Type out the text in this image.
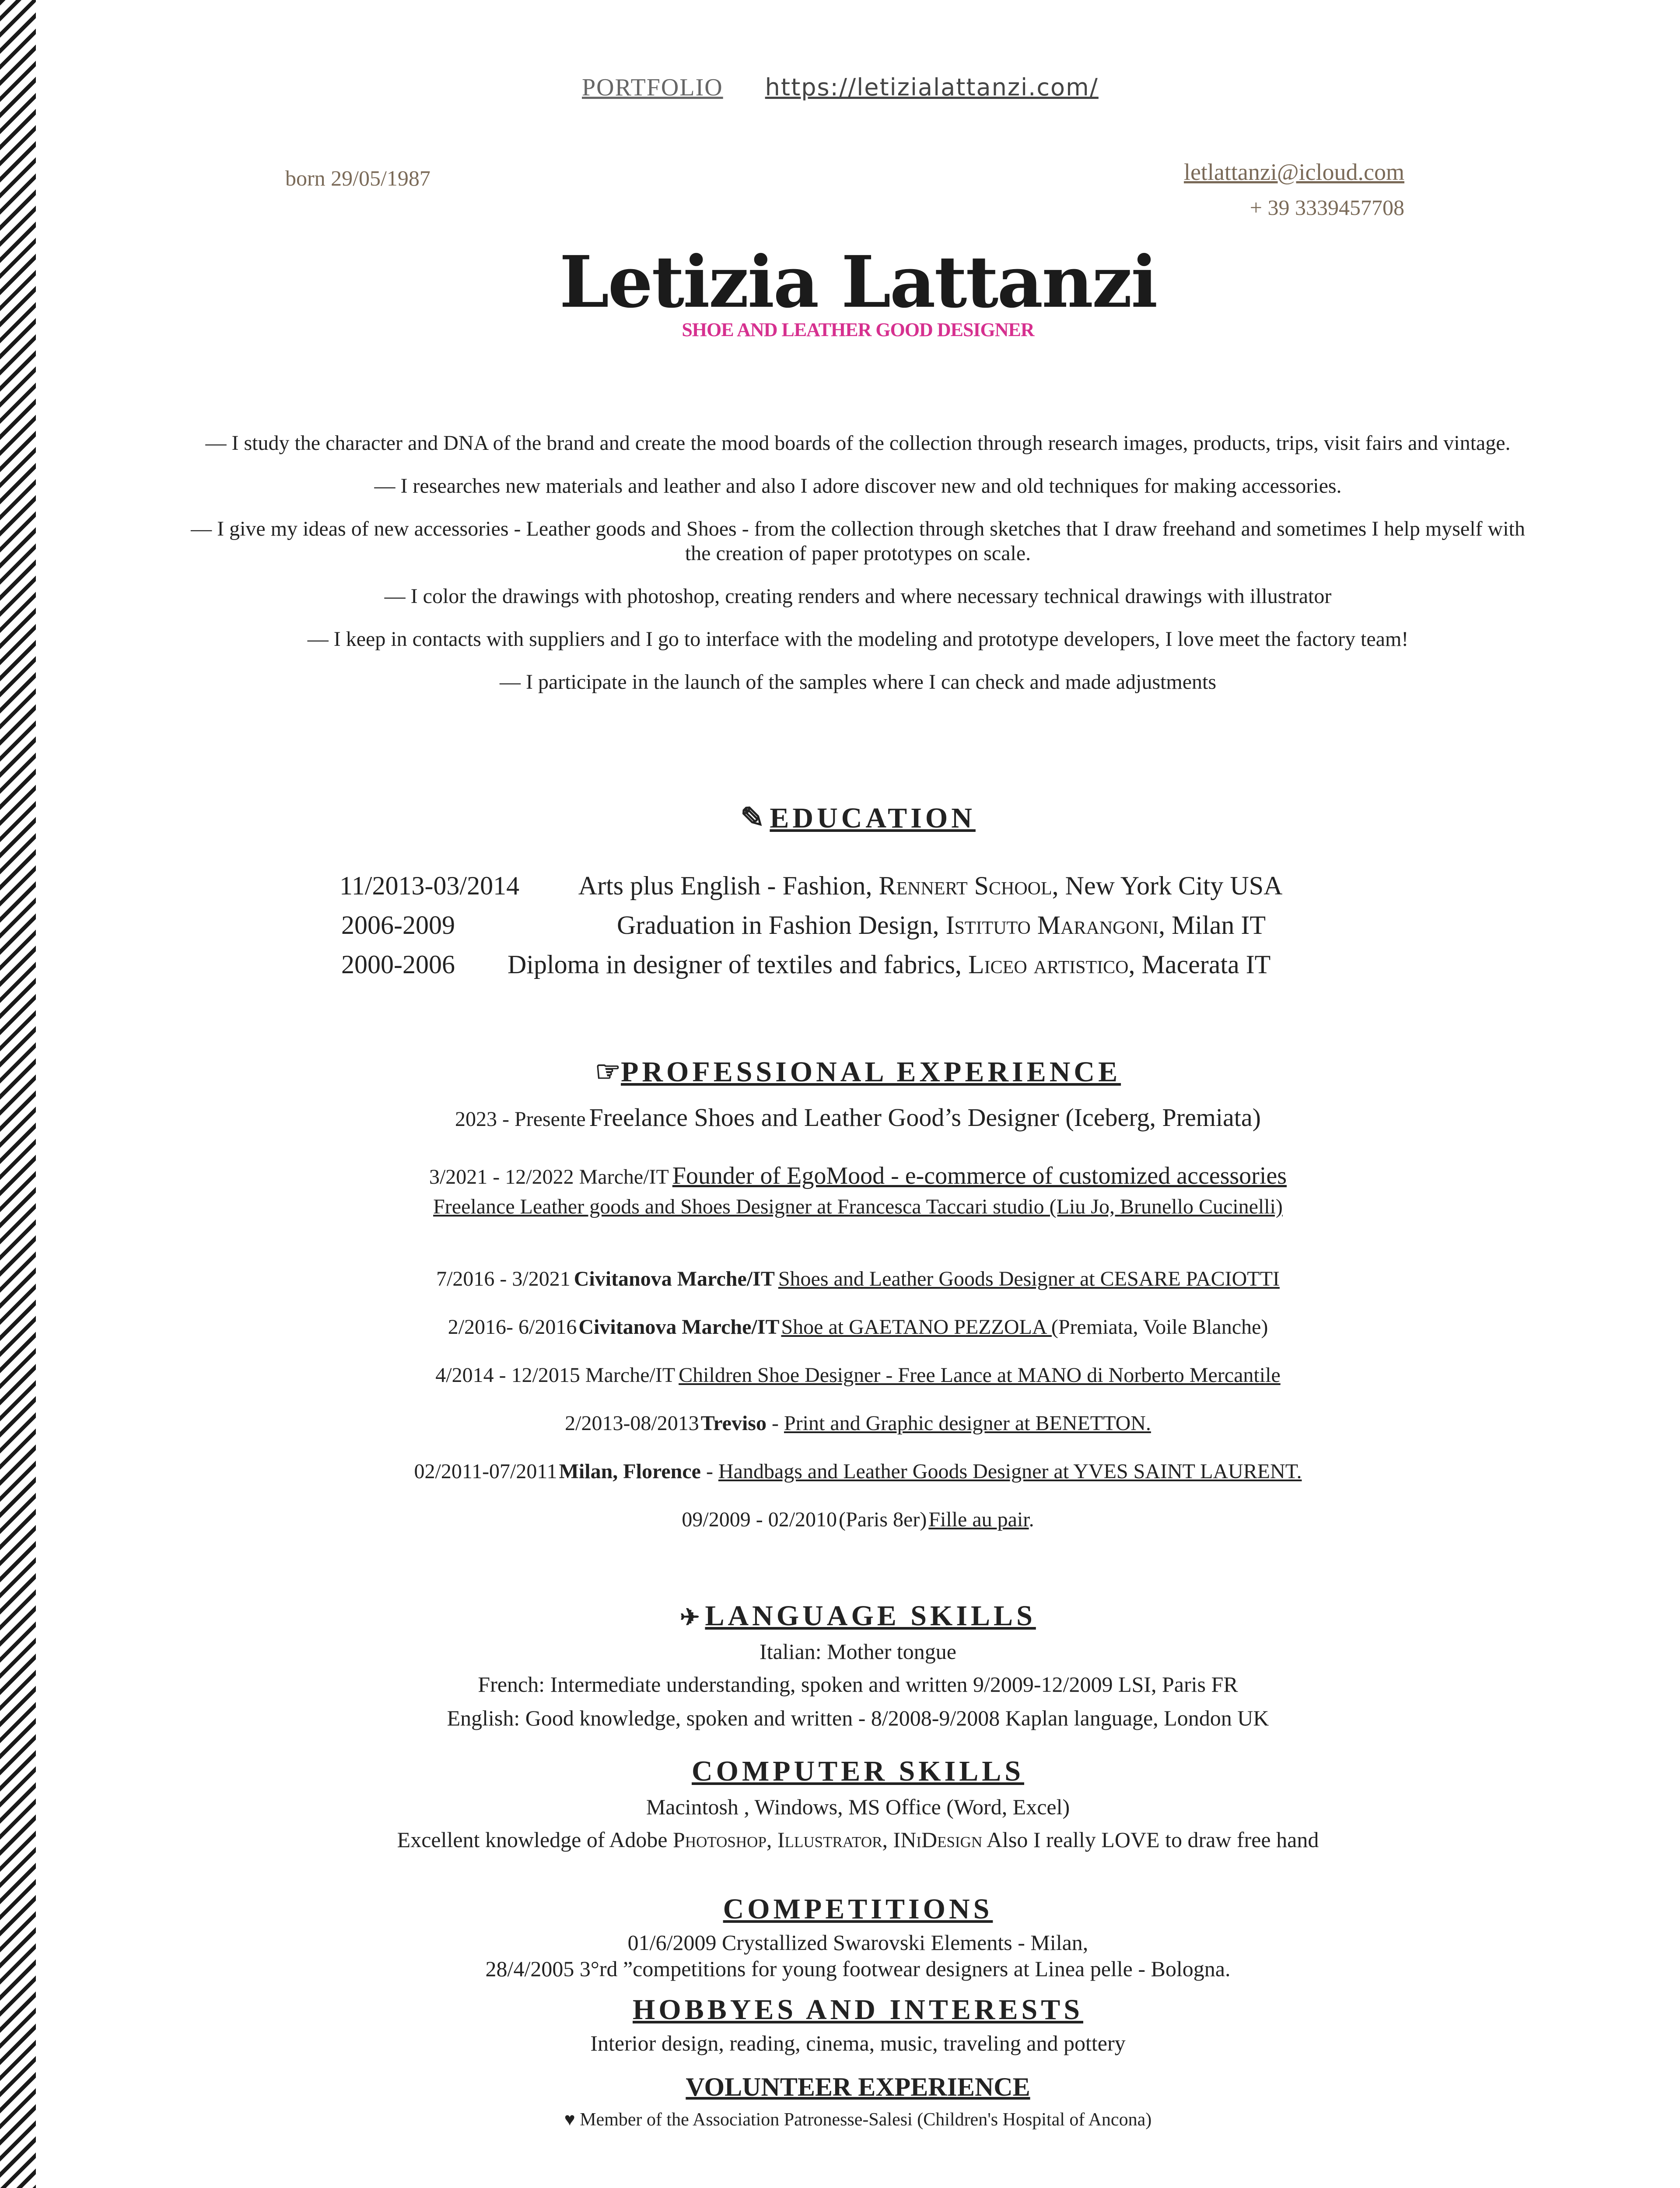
PORTFOLIO https://letizialattanzi.com/
born 29/05/1987	letlattanzi@icloud.com
+ 39 3339457708
Letizia Lattanzi
SHOE AND LEATHER GOOD DESIGNER

— I study the character and DNA of the brand and create the mood boards of the collection through research images, products, trips, visit fairs and vintage.

— I researches new materials and leather and also I adore discover new and old techniques for making accessories.

— I give my ideas of new accessories - Leather goods and Shoes - from the collection through sketches that I draw freehand and sometimes I help myself with the creation of paper prototypes on scale.

— I color the drawings with photoshop, creating renders and where necessary technical drawings with illustrator

— I keep in contacts with suppliers and I go to interface with the modeling and prototype developers, I love meet the factory team!

— I participate in the launch of the samples where I can check and made adjustments

✎ EDUCATION
11/2013-03/2014 Arts plus English - Fashion, Rennert School, New York City USA
2006-2009	Graduation in Fashion Design, Istituto Marangoni, Milan IT
2000-2006 Diploma in designer of textiles and fabrics, Liceo artistico, Macerata IT
☞PROFESSIONAL EXPERIENCE
2023 - Presente Freelance Shoes and Leather Good’s Designer (Iceberg, Premiata)
3/2021 - 12/2022 Marche/IT Founder of EgoMood - e-commerce of customized accessories
Freelance Leather goods and Shoes Designer at Francesca Taccari studio (Liu Jo, Brunello Cucinelli)
7/2016 - 3/2021 Civitanova Marche/IT Shoes and Leather Goods Designer at CESARE PACIOTTI
2/2016- 6/2016 Civitanova Marche/IT Shoe at GAETANO PEZZOLA (Premiata, Voile Blanche)
4/2014 - 12/2015 Marche/IT Children Shoe Designer - Free Lance at MANO di Norberto Mercantile
2/2013-08/2013 Treviso - Print and Graphic designer at BENETTON.
02/2011-07/2011 Milan, Florence - Handbags and Leather Goods Designer at YVES SAINT LAURENT.
09/2009 - 02/2010 (Paris 8er) Fille au pair.
✈ LANGUAGE SKILLS
Italian: Mother tongue
French: Intermediate understanding, spoken and written 9/2009-12/2009 LSI, Paris FR
English: Good knowledge, spoken and written - 8/2008-9/2008 Kaplan language, London UK
COMPUTER SKILLS
Macintosh , Windows, MS Office (Word, Excel)
Excellent knowledge of Adobe Photoshop, Illustrator, INiDesign Also I really LOVE to draw free hand
COMPETITIONS
01/6/2009 Crystallized Swarovski Elements - Milan,
28/4/2005 3°rd ”competitions for young footwear designers at Linea pelle - Bologna.
HOBBYES AND INTERESTS
Interior design, reading, cinema, music, traveling and pottery
VOLUNTEER EXPERIENCE
♥ Member of the Association Patronesse-Salesi (Children's Hospital of Ancona)
